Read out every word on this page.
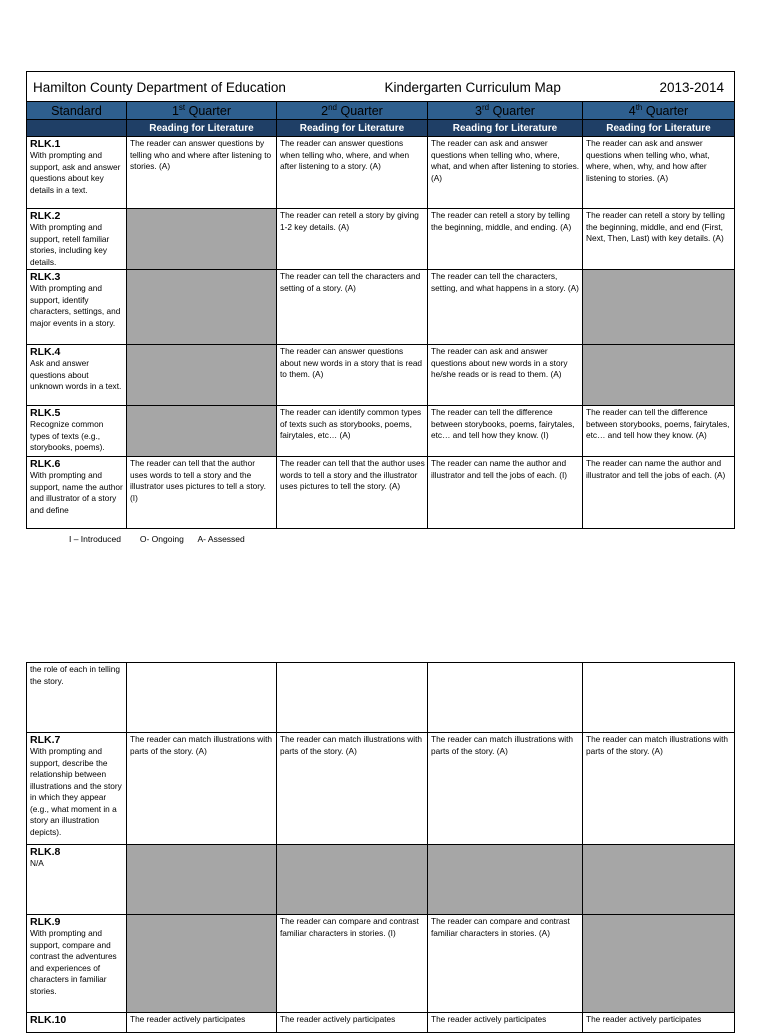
Hamilton County Department of Education Kindergarten Curriculum Map 2013-2014				

Standard	1st Quarter	2nd Quarter	3rd Quarter	4th Quarter
	Reading for Literature	Reading for Literature	Reading for Literature	Reading for Literature

RLK.1
With prompting and support, ask and answer questions about key details in a text.	The reader can answer questions by telling who and where after listening to stories. (A)	The reader can answer questions when telling who, where, and when after listening to a story. (A)	The reader can ask and answer questions when telling who, where, what, and when after listening to stories. (A)	The reader can ask and answer questions when telling who, what, where, when, why, and how after listening to stories. (A)

RLK.2
With prompting and support, retell familiar stories, including key details.		The reader can retell a story by giving 1-2 key details. (A)	The reader can retell a story by telling the beginning, middle, and ending. (A)	The reader can retell a story by telling the beginning, middle, and end (First, Next, Then, Last) with key details. (A)

RLK.3
With prompting and support, identify characters, settings, and major events in a story.		The reader can tell the characters and setting of a story. (A)	The reader can tell the characters, setting, and what happens in a story. (A)	

RLK.4
Ask and answer questions about unknown words in a text.		The reader can answer questions about new words in a story that is read to them. (A)	The reader can ask and answer questions about new words in a story he/she reads or is read to them. (A)	

RLK.5
Recognize common types of texts (e.g., storybooks, poems).		The reader can identify common types of texts such as storybooks, poems, fairytales, etc… (A)	The reader can tell the difference between storybooks, poems, fairytales, etc… and tell how they know. (I)	The reader can tell the difference between storybooks, poems, fairytales, etc… and tell how they know. (A)

RLK.6
With prompting and support, name the author and illustrator of a story and define	The reader can tell that the author uses words to tell a story and the illustrator uses pictures to tell a story. (I)	The reader can tell that the author uses words to tell a story and the illustrator uses pictures to tell the story. (A)	The reader can name the author and illustrator and tell the jobs of each. (I)	The reader can name the author and illustrator and tell the jobs of each. (A)
I – Introduced        O- Ongoing      A- Assessed
the role of each in telling the story.				

RLK.7
With prompting and support, describe the relationship between illustrations and the story in which they appear (e.g., what moment in a story an illustration depicts).	The reader can match illustrations with parts of the story. (A)	The reader can match illustrations with parts of the story. (A)	The reader can match illustrations with parts of the story. (A)	The reader can match illustrations with parts of the story. (A)

RLK.8
N/A				

RLK.9
With prompting and support, compare and contrast the adventures and experiences of characters in familiar stories.		The reader can compare and contrast familiar characters in stories. (I)	The reader can compare and contrast familiar characters in stories. (A)	

RLK.10	The reader actively participates	The reader actively participates	The reader actively participates	The reader actively participates
